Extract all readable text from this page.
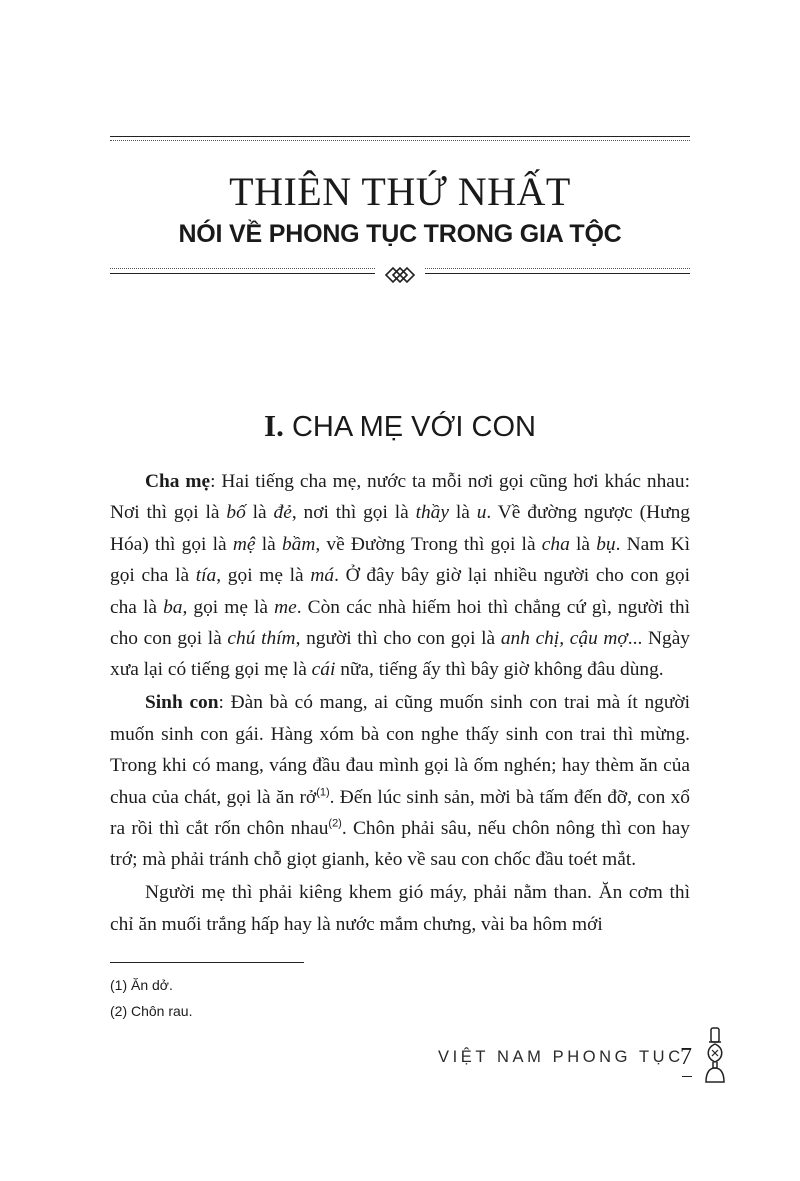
THIÊN THỨ NHẤT
NÓI VỀ PHONG TỤC TRONG GIA TỘC
I. CHA MẸ VỚI CON

Cha mẹ: Hai tiếng cha mẹ, nước ta mỗi nơi gọi cũng hơi khác nhau: Nơi thì gọi là bố là đẻ, nơi thì gọi là thầy là u. Về đường ngược (Hưng Hóa) thì gọi là mệ là bầm, về Đường Trong thì gọi là cha là bụ. Nam Kì gọi cha là tía, gọi mẹ là má. Ở đây bây giờ lại nhiều người cho con gọi cha là ba, gọi mẹ là me. Còn các nhà hiếm hoi thì chẳng cứ gì, người thì cho con gọi là chú thím, người thì cho con gọi là anh chị, cậu mợ... Ngày xưa lại có tiếng gọi mẹ là cái nữa, tiếng ấy thì bây giờ không đâu dùng.

Sinh con: Đàn bà có mang, ai cũng muốn sinh con trai mà ít người muốn sinh con gái. Hàng xóm bà con nghe thấy sinh con trai thì mừng. Trong khi có mang, váng đầu đau mình gọi là ốm nghén; hay thèm ăn của chua của chát, gọi là ăn rở$^{(1)}$. Đến lúc sinh sản, mời bà tấm đến đỡ, con xổ ra rồi thì cắt rốn chôn nhau$^{(2)}$. Chôn phải sâu, nếu chôn nông thì con hay trớ; mà phải tránh chỗ giọt gianh, kẻo về sau con chốc đầu toét mắt.

Người mẹ thì phải kiêng khem gió máy, phải nằm than. Ăn cơm thì chỉ ăn muối trắng hấp hay là nước mắm chưng, vài ba hôm mới

(1) Ăn dở.
(2) Chôn rau.
VIỆT NAM PHONG TỤC
7
